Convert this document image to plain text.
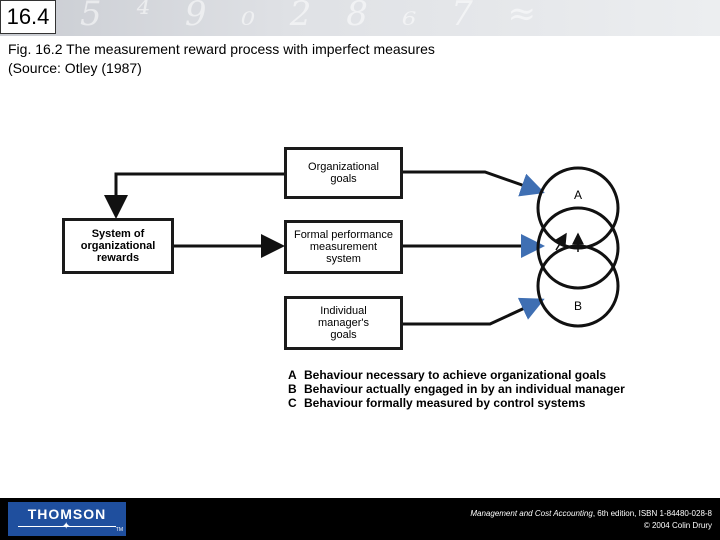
5 ⁴ 9 ₀ 2 8 ₆ 7 ≈
16.4
Fig. 16.2 The measurement reward process with imperfect measures
(Source: Otley (1987)
A
B
Organizational
goals
Formal performance
measurement
system
Individual
manager's
goals
System of
organizational
rewards
A Behaviour necessary to achieve organizational goals
B Behaviour actually engaged in by an individual manager
C Behaviour formally measured by control systems
THOMSON
✦	TM
Management and Cost Accounting, 6th edition, ISBN 1-84480-028-8
© 2004 Colin Drury
